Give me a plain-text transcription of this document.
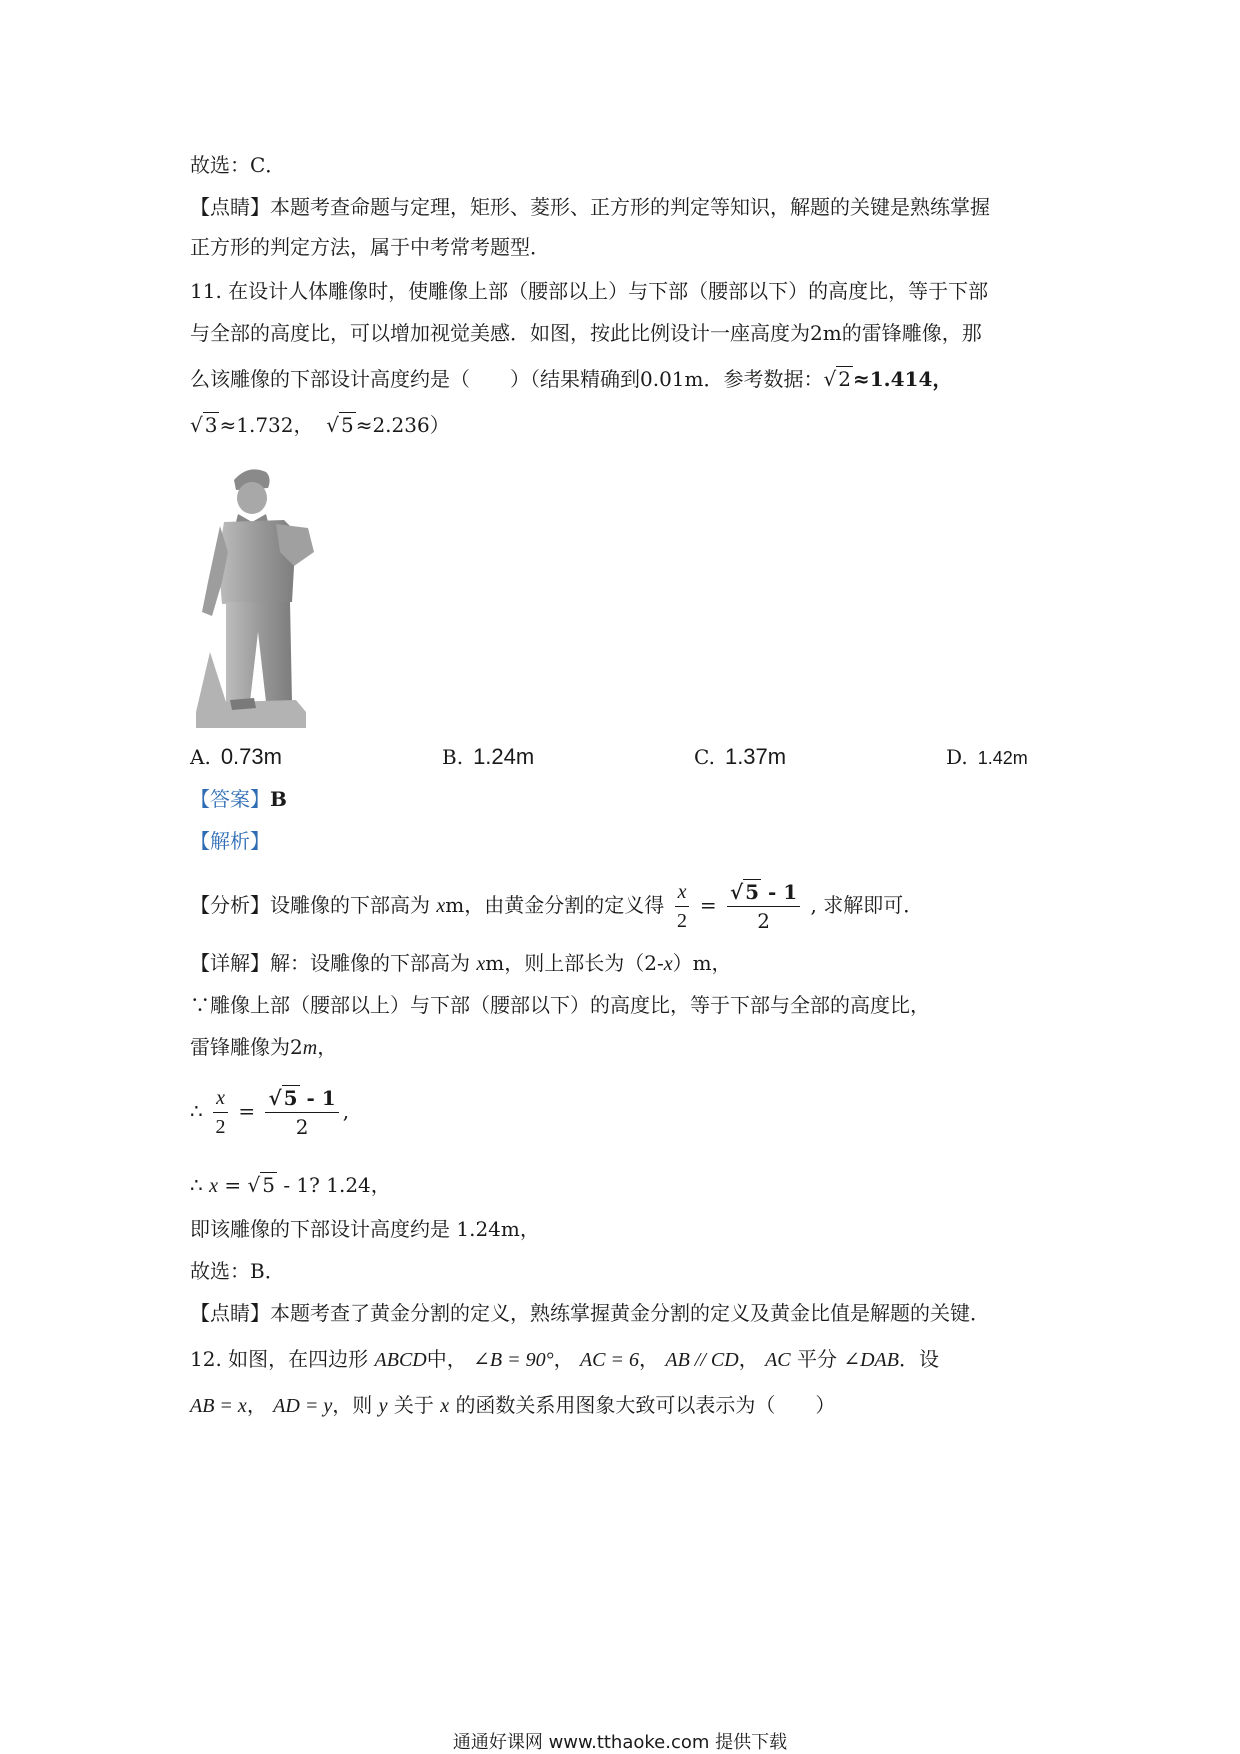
故选：C．
【点睛】本题考查命题与定理，矩形、菱形、正方形的判定等知识，解题的关键是熟练掌握
正方形的判定方法，属于中考常考题型．
11. 在设计人体雕像时，使雕像上部（腰部以上）与下部（腰部以下）的高度比，等于下部
与全部的高度比，可以增加视觉美感．如图，按此比例设计一座高度为2m的雷锋雕像，那
么该雕像的下部设计高度约是（　　）（结果精确到0.01m．参考数据：√ 2 ≈1.414，
√ 3 ≈1.732， √ 5 ≈2.236）
A. 0.73m	B. 1.24m	C. 1.37m	D. 1.42m
【答案】B
【解析】
【分析】设雕像的下部高为 xm，由黄金分割的定义得 $\frac{x}{2} = \frac{√ 5 - 1}{2}$ , 求解即可．
【详解】解：设雕像的下部高为 xm，则上部长为（2-x）m，
∵雕像上部（腰部以上）与下部（腰部以下）的高度比，等于下部与全部的高度比，
雷锋雕像为2m，
∴ $\frac{x}{2} = \frac{√ 5 - 1}{2}$ ,
∴ x = √ 5 - 1? 1.24，
即该雕像的下部设计高度约是 1.24m，
故选：B．
【点睛】本题考查了黄金分割的定义，熟练掌握黄金分割的定义及黄金比值是解题的关键．
12. 如图，在四边形 ABCD中， ∠B = 90°， AC = 6， AB // CD， AC 平分 ∠DAB．设
AB = x， AD = y，则 y 关于 x 的函数关系用图象大致可以表示为（　　）
通通好课网 www.tthaoke.com 提供下载
